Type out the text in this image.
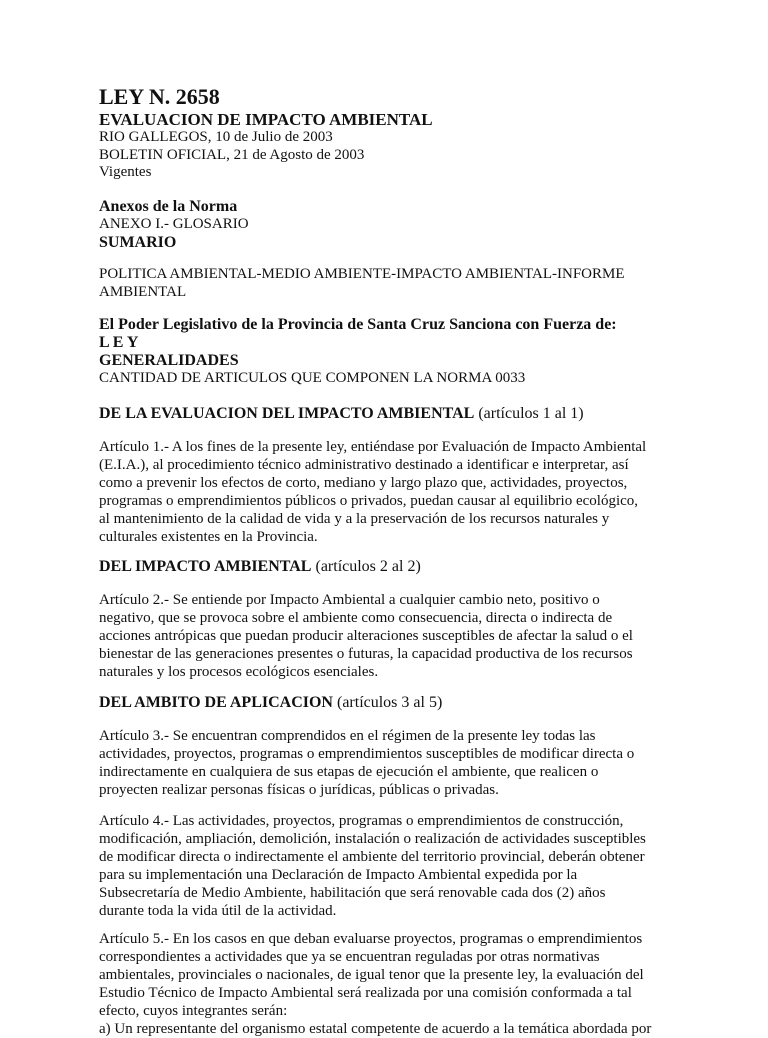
LEY N. 2658
EVALUACION DE IMPACTO AMBIENTAL
RIO GALLEGOS, 10 de Julio de 2003
BOLETIN OFICIAL, 21 de Agosto de 2003
Vigentes
Anexos de la Norma
ANEXO I.- GLOSARIO
SUMARIO
POLITICA AMBIENTAL-MEDIO AMBIENTE-IMPACTO AMBIENTAL-INFORME
AMBIENTAL
El Poder Legislativo de la Provincia de Santa Cruz Sanciona con Fuerza de:
L E Y
GENERALIDADES
CANTIDAD DE ARTICULOS QUE COMPONEN LA NORMA 0033
DE LA EVALUACION DEL IMPACTO AMBIENTAL (artículos 1 al 1)
Artículo 1.- A los fines de la presente ley, entiéndase por Evaluación de Impacto Ambiental
(E.I.A.), al procedimiento técnico administrativo destinado a identificar e interpretar, así
como a prevenir los efectos de corto, mediano y largo plazo que, actividades, proyectos,
programas o emprendimientos públicos o privados, puedan causar al equilibrio ecológico,
al mantenimiento de la calidad de vida y a la preservación de los recursos naturales y
culturales existentes en la Provincia.
DEL IMPACTO AMBIENTAL (artículos 2 al 2)
Artículo 2.- Se entiende por Impacto Ambiental a cualquier cambio neto, positivo o
negativo, que se provoca sobre el ambiente como consecuencia, directa o indirecta de
acciones antrópicas que puedan producir alteraciones susceptibles de afectar la salud o el
bienestar de las generaciones presentes o futuras, la capacidad productiva de los recursos
naturales y los procesos ecológicos esenciales.
DEL AMBITO DE APLICACION (artículos 3 al 5)
Artículo 3.- Se encuentran comprendidos en el régimen de la presente ley todas las
actividades, proyectos, programas o emprendimientos susceptibles de modificar directa o
indirectamente en cualquiera de sus etapas de ejecución el ambiente, que realicen o
proyecten realizar personas físicas o jurídicas, públicas o privadas.
Artículo 4.- Las actividades, proyectos, programas o emprendimientos de construcción,
modificación, ampliación, demolición, instalación o realización de actividades susceptibles
de modificar directa o indirectamente el ambiente del territorio provincial, deberán obtener
para su implementación una Declaración de Impacto Ambiental expedida por la
Subsecretaría de Medio Ambiente, habilitación que será renovable cada dos (2) años
durante toda la vida útil de la actividad.
Artículo 5.- En los casos en que deban evaluarse proyectos, programas o emprendimientos
correspondientes a actividades que ya se encuentran reguladas por otras normativas
ambientales, provinciales o nacionales, de igual tenor que la presente ley, la evaluación del
Estudio Técnico de Impacto Ambiental será realizada por una comisión conformada a tal
efecto, cuyos integrantes serán:
a) Un representante del organismo estatal competente de acuerdo a la temática abordada por
